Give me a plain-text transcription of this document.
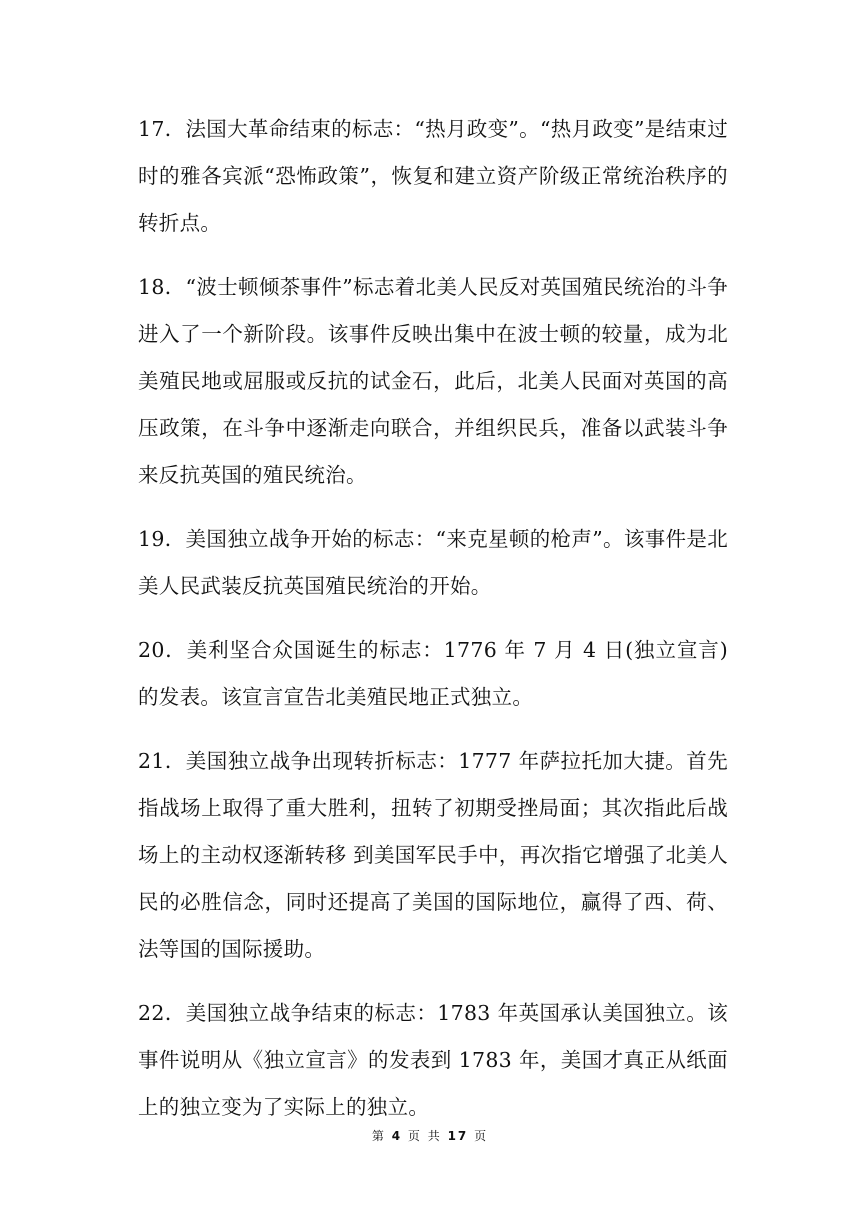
17．法国大革命结束的标志：“热月政变”。“热月政变”是结束过时的雅各宾派“恐怖政策”，恢复和建立资产阶级正常统治秩序的转折点。

18．“波士顿倾茶事件”标志着北美人民反对英国殖民统治的斗争进入了一个新阶段。该事件反映出集中在波士顿的较量，成为北美殖民地或屈服或反抗的试金石，此后，北美人民面对英国的高压政策，在斗争中逐渐走向联合，并组织民兵，准备以武装斗争来反抗英国的殖民统治。

19．美国独立战争开始的标志：“来克星顿的枪声”。该事件是北美人民武装反抗英国殖民统治的开始。

20．美利坚合众国诞生的标志：1776 年 7 月 4 日(独立宣言)的发表。该宣言宣告北美殖民地正式独立。

21．美国独立战争出现转折标志：1777 年萨拉托加大捷。首先指战场上取得了重大胜利，扭转了初期受挫局面；其次指此后战场上的主动权逐渐转移 到美国军民手中，再次指它增强了北美人民的必胜信念，同时还提高了美国的国际地位，赢得了西、荷、法等国的国际援助。

22．美国独立战争结束的标志：1783 年英国承认美国独立。该事件说明从《独立宣言》的发表到 1783 年，美国才真正从纸面上的独立变为了实际上的独立。

第 4 页 共 17 页
